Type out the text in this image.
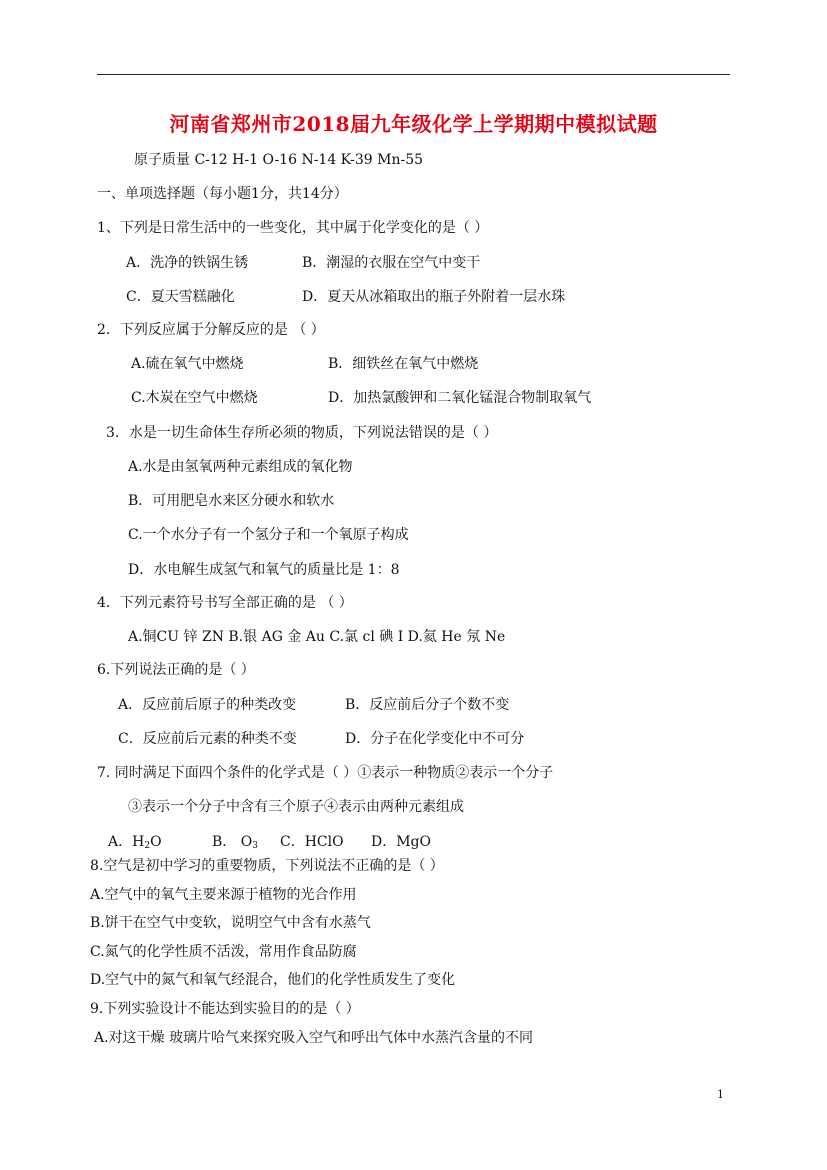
河南省郑州市2018届九年级化学上学期期中模拟试题
原子质量 C-12 H-1 O-16 N-14 K-39 Mn-55
一、单项选择题（每小题1分，共14分）
1、下列是日常生活中的一些变化，其中属于化学变化的是（ ）
A．洗净的铁锅生锈	B．潮湿的衣服在空气中变干
C．夏天雪糕融化	D．夏天从冰箱取出的瓶子外附着一层水珠
2．下列反应属于分解反应的是 （ ）
A.硫在氧气中燃烧	B．细铁丝在氧气中燃烧
C.木炭在空气中燃烧	D．加热氯酸钾和二氧化锰混合物制取氧气
3．水是一切生命体生存所必须的物质，下列说法错误的是（ ）
A.水是由氢氧两种元素组成的氧化物
B．可用肥皂水来区分硬水和软水
C.一个水分子有一个氢分子和一个氧原子构成
D．水电解生成氢气和氧气的质量比是 1：8
4．下列元素符号书写全部正确的是 （ ）
A.铜CU 锌 ZN B.银 AG 金 Au C.氯 cl 碘 I D.氦 He 氖 Ne
6.下列说法正确的是（ ）
A．反应前后原子的种类改变	B．反应前后分子个数不变
C．反应前后元素的种类不变	D．分子在化学变化中不可分
7. 同时满足下面四个条件的化学式是（ ）①表示一种物质②表示一个分子
③表示一个分子中含有三个原子④表示由两种元素组成
A．$H_2O$	B． $O_3$ C．HClO D．MgO
8.空气是初中学习的重要物质，下列说法不正确的是（ ）
A.空气中的氧气主要来源于植物的光合作用
B.饼干在空气中变软，说明空气中含有水蒸气
C.氮气的化学性质不活泼，常用作食品防腐
D.空气中的氮气和氧气经混合，他们的化学性质发生了变化
9.下列实验设计不能达到实验目的的是（ ）
A.对这干燥 玻璃片哈气来探究吸入空气和呼出气体中水蒸汽含量的不同
1
